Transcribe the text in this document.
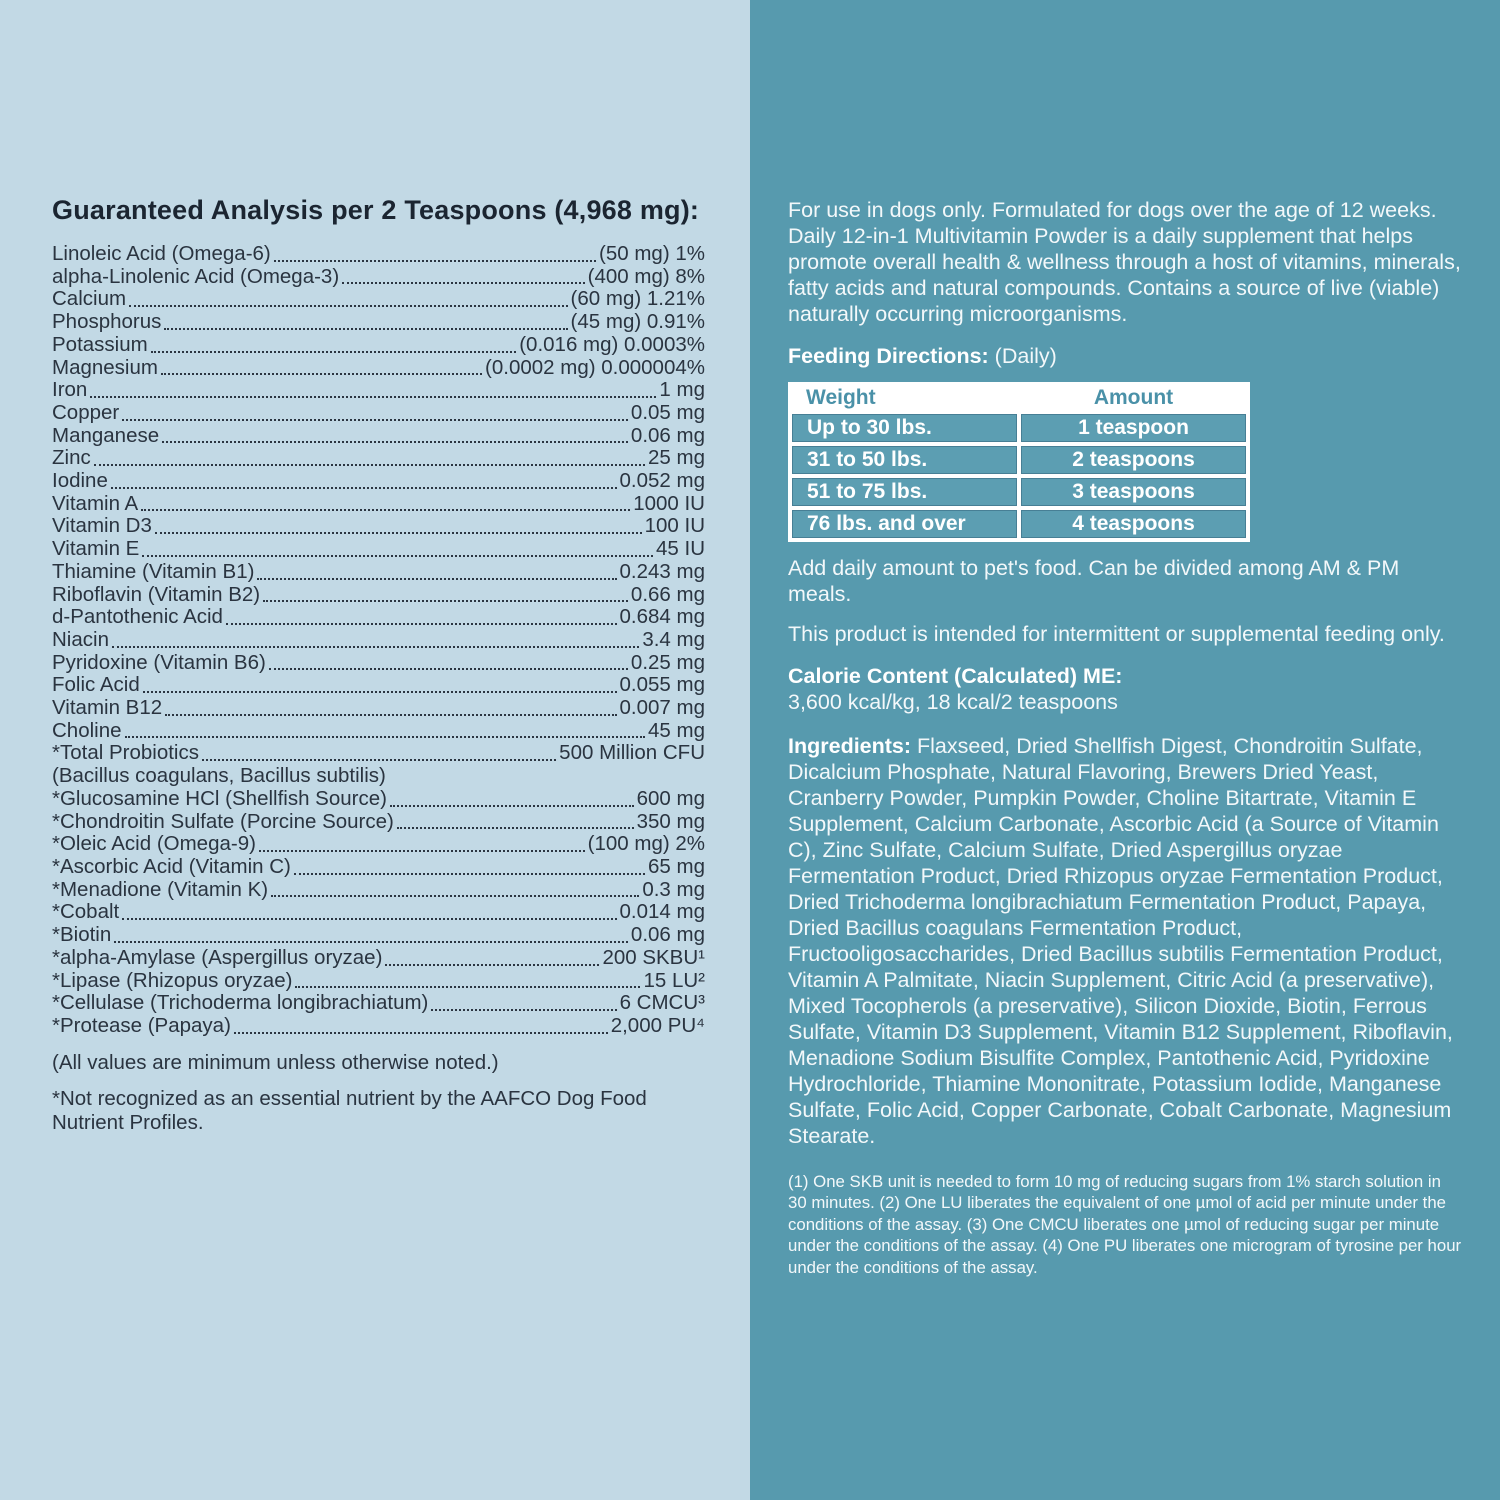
Guaranteed Analysis per 2 Teaspoons (4,968 mg):
Linoleic Acid (Omega-6)	(50 mg) 1%
alpha-Linolenic Acid (Omega-3)	(400 mg) 8%
Calcium	(60 mg) 1.21%
Phosphorus	(45 mg) 0.91%
Potassium	(0.016 mg) 0.0003%
Magnesium	(0.0002 mg) 0.000004%
Iron	1 mg
Copper	0.05 mg
Manganese	0.06 mg
Zinc	25 mg
Iodine	0.052 mg
Vitamin A	1000 IU
Vitamin D3	100 IU
Vitamin E	45 IU
Thiamine (Vitamin B1)	0.243 mg
Riboflavin (Vitamin B2)	0.66 mg
d-Pantothenic Acid	0.684 mg
Niacin	3.4 mg
Pyridoxine (Vitamin B6)	0.25 mg
Folic Acid	0.055 mg
Vitamin B12	0.007 mg
Choline	45 mg
*Total Probiotics	500 Million CFU
(Bacillus coagulans, Bacillus subtilis)
*Glucosamine HCl (Shellfish Source)	600 mg
*Chondroitin Sulfate (Porcine Source)	350 mg
*Oleic Acid (Omega-9)	(100 mg) 2%
*Ascorbic Acid (Vitamin C)	65 mg
*Menadione (Vitamin K)	0.3 mg
*Cobalt	0.014 mg
*Biotin	0.06 mg
*alpha-Amylase (Aspergillus oryzae)	200 SKBU¹
*Lipase (Rhizopus oryzae)	15 LU²
*Cellulase (Trichoderma longibrachiatum)	6 CMCU³
*Protease (Papaya)	2,000 PU⁴

(All values are minimum unless otherwise noted.)

*Not recognized as an essential nutrient by the AAFCO Dog Food Nutrient Profiles.

For use in dogs only. Formulated for dogs over the age of 12 weeks. Daily 12-in-1 Multivitamin Powder is a daily supplement that helps promote overall health & wellness through a host of vitamins, minerals, fatty acids and natural compounds. Contains a source of live (viable) naturally occurring microorganisms.

Feeding Directions: (Daily)

Weight	Amount
Up to 30 lbs.	1 teaspoon
31 to 50 lbs.	2 teaspoons
51 to 75 lbs.	3 teaspoons
76 lbs. and over	4 teaspoons

Add daily amount to pet's food. Can be divided among AM & PM meals.

This product is intended for intermittent or supplemental feeding only.

Calorie Content (Calculated) ME:

3,600 kcal/kg, 18 kcal/2 teaspoons

Ingredients: Flaxseed, Dried Shellfish Digest, Chondroitin Sulfate, Dicalcium Phosphate, Natural Flavoring, Brewers Dried Yeast, Cranberry Powder, Pumpkin Powder, Choline Bitartrate, Vitamin E Supplement, Calcium Carbonate, Ascorbic Acid (a Source of Vitamin C), Zinc Sulfate, Calcium Sulfate, Dried Aspergillus oryzae Fermentation Product, Dried Rhizopus oryzae Fermentation Product, Dried Trichoderma longibrachiatum Fermentation Product, Papaya, Dried Bacillus coagulans Fermentation Product, Fructooligosaccharides, Dried Bacillus subtilis Fermentation Product, Vitamin A Palmitate, Niacin Supplement, Citric Acid (a preservative), Mixed Tocopherols (a preservative), Silicon Dioxide, Biotin, Ferrous Sulfate, Vitamin D3 Supplement, Vitamin B12 Supplement, Riboflavin, Menadione Sodium Bisulfite Complex, Pantothenic Acid, Pyridoxine Hydrochloride, Thiamine Mononitrate, Potassium Iodide, Manganese Sulfate, Folic Acid, Copper Carbonate, Cobalt Carbonate, Magnesium Stearate.

(1) One SKB unit is needed to form 10 mg of reducing sugars from 1% starch solution in 30 minutes. (2) One LU liberates the equivalent of one µmol of acid per minute under the conditions of the assay. (3) One CMCU liberates one µmol of reducing sugar per minute under the conditions of the assay. (4) One PU liberates one microgram of tyrosine per hour under the conditions of the assay.
